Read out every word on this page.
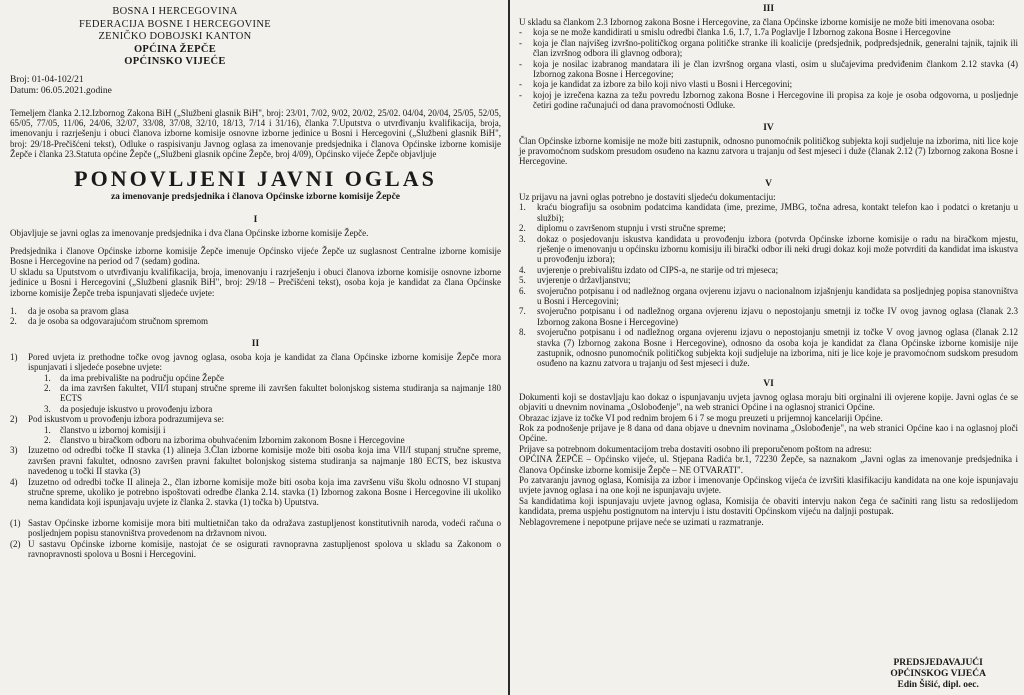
BOSNA I HERCEGOVINA

FEDERACIJA BOSNE I HERCEGOVINE

ZENIČKO DOBOJSKI KANTON

OPĆINA ŽEPČE

OPĆINSKO VIJEĆE

Broj: 01-04-102/21

Datum: 06.05.2021.godine

Temeljem članka 2.12.Izbornog Zakona BiH („Službeni glasnik BiH", broj: 23/01, 7/02, 9/02, 20/02, 25/02. 04/04, 20/04, 25/05, 52/05, 65/05, 77/05, 11/06, 24/06, 32/07, 33/08, 37/08, 32/10, 18/13, 7/14 i 31/16), članka 7.Uputstva o utvrđivanju kvalifikacija, broja, imenovanju i razrješenju i obuci članova izborne komisije osnovne izborne jedinice u Bosni i Hercegovini („Službeni glasnik BiH", broj: 29/18-Prečišćeni tekst), Odluke o raspisivanju Javnog oglasa za imenovanje predsjednika i članova Općinske izborne komisije Žepče i članka 23.Statuta općine Žepče („Službeni glasnik općine Žepče, broj 4/09), Općinsko vijeće Žepče objavljuje

PONOVLJENI JAVNI OGLAS
za imenovanje predsjednika i članova Općinske izborne komisije Žepče
I

Objavljuje se javni oglas za imenovanje predsjednika i dva člana Općinske izborne komisije Žepče.

Predsjednika i članove Općinske izborne komisije Žepče imenuje Općinsko vijeće Žepče uz suglasnost Centralne izborne komisije Bosne i Hercegovine na period od 7 (sedam) godina.

U skladu sa Uputstvom o utvrđivanju kvalifikacija, broja, imenovanju i razrješenju i obuci članova izborne komisije osnovne izborne jedinice u Bosni i Hercegovini („Službeni glasnik BiH", broj: 29/18 – Prečišćeni tekst), osoba koja je kandidat za člana Općinske izborne komisije Žepče treba ispunjavati sljedeće uvjete:

1. da je osoba sa pravom glasa
2. da je osoba sa odgovarajućom stručnom spremom
II
1) Pored uvjeta iz prethodne točke ovog javnog oglasa, osoba koja je kandidat za člana Općinske izborne komisije Žepče mora ispunjavati i sljedeće posebne uvjete:
1. da ima prebivalište na području općine Žepče
2. da ima završen fakultet, VII/I stupanj stručne spreme ili završen fakultet bolonjskog sistema studiranja sa najmanje 180 ECTS
3. da posjeduje iskustvo u provođenju izbora
2) Pod iskustvom u provođenju izbora podrazumijeva se:
1. članstvo u izbornoj komisiji i
2. članstvo u biračkom odboru na izborima obuhvaćenim Izbornim zakonom Bosne i Hercegovine
3) Izuzetno od odredbi točke II stavka (1) alineja 3.Član izborne komisije može biti osoba koja ima VII/I stupanj stručne spreme, završen pravni fakultet, odnosno završen pravni fakultet bolonjskog sistema studiranja sa najmanje 180 ECTS, bez iskustva navedenog u točki II stavka (3)
4) Izuzetno od odredbi točke II alineja 2., član izborne komisije može biti osoba koja ima završenu višu školu odnosno VI stupanj stručne spreme, ukoliko je potrebno ispoštovati odredbe članka 2.14. stavka (1) Izbornog zakona Bosne i Hercegovine ili ukoliko nema kandidata koji ispunjavaju uvjete iz članka 2. stavka (1) točka b) Uputstva.
(1) Sastav Općinske izborne komisije mora biti multietničan tako da odražava zastupljenost konstitutivnih naroda, vodeći računa o posljednjem popisu stanovništva provedenom na državnom nivou.
(2) U sastavu Općinske izborne komisije, nastojat će se osigurati ravnopravna zastupljenost spolova u skladu sa Zakonom o ravnopravnosti spolova u Bosni i Hercegovini.
III

U skladu sa člankom 2.3 Izbornog zakona Bosne i Hercegovine, za člana Općinske izborne komisije ne može biti imenovana osoba:

- koja se ne može kandidirati u smislu odredbi članka 1.6, 1.7, 1.7a Poglavlje I Izbornog zakona Bosne i Hercegovine
- koja je član najvišeg izvršno-političkog organa političke stranke ili koalicije (predsjednik, podpredsjednik, generalni tajnik, tajnik ili član izvršnog odbora ili glavnog odbora);
- koja je nosilac izabranog mandatara ili je član izvršnog organa vlasti, osim u slučajevima predviđenim člankom 2.12 stavka (4) Izbornog zakona Bosne i Hercegovine;
- koja je kandidat za izbore za bilo koji nivo vlasti u Bosni i Hercegovini;
- kojoj je izrečena kazna za težu povredu Izbornog zakona Bosne i Hercegovine ili propisa za koje je osoba odgovorna, u posljednje četiri godine računajući od dana pravomoćnosti Odluke.
IV

Član Općinske izborne komisije ne može biti zastupnik, odnosno punomoćnik političkog subjekta koji sudjeluje na izborima, niti lice koje je pravomoćnom sudskom presudom osuđeno na kaznu zatvora u trajanju od šest mjeseci i duže (članak 2.12 (7) Izbornog zakona Bosne i Hercegovine.

V

Uz prijavu na javni oglas potrebno je dostaviti sljedeću dokumentaciju:

1. kraću biografiju sa osobnim podatcima kandidata (ime, prezime, JMBG, točna adresa, kontakt telefon kao i podatci o kretanju u službi);
2. diplomu o završenom stupnju i vrsti stručne spreme;
3. dokaz o posjedovanju iskustva kandidata u provođenju izbora (potvrda Općinske izborne komisije o radu na biračkom mjestu, rješenje o imenovanju u općinsku izbornu komisiju ili birački odbor ili neki drugi dokaz koji može potvrditi da kandidat ima iskustva u provođenju izbora);
4. uvjerenje o prebivalištu izdato od CIPS-a, ne starije od tri mjeseca;
5. uvjerenje o državljanstvu;
6. svojeručno potpisanu i od nadležnog organa ovjerenu izjavu o nacionalnom izjašnjenju kandidata sa posljednjeg popisa stanovništva u Bosni i Hercegovini;
7. svojeručno potpisanu i od nadležnog organa ovjerenu izjavu o nepostojanju smetnji iz točke IV ovog javnog oglasa (članak 2.3 Izbornog zakona Bosne i Hercegovine)
8. svojeručno potpisanu i od nadležnog organa ovjerenu izjavu o nepostojanju smetnji iz točke V ovog javnog oglasa (članak 2.12 stavka (7) Izbornog zakona Bosne i Hercegovine), odnosno da osoba koja je kandidat za člana Općinske izborne komisije nije zastupnik, odnosno punomoćnik političkog subjekta koji sudjeluje na izborima, niti je lice koje je pravomoćnom sudskom presudom osuđeno na kaznu zatvora u trajanju od šest mjeseci i duže.
VI

Dokumenti koji se dostavljaju kao dokaz o ispunjavanju uvjeta javnog oglasa moraju biti orginalni ili ovjerene kopije. Javni oglas će se objaviti u dnevnim novinama „Oslobođenje", na web stranici Općine i na oglasnoj stranici Općine.

Obrazac izjave iz točke VI pod rednim brojem 6 i 7 se mogu preuzeti u prijemnoj kancelariji Općine.

Rok za podnošenje prijave je 8 dana od dana objave u dnevnim novinama „Oslobođenje", na web stranici Općine kao i na oglasnoj ploči Općine.

Prijave sa potrebnom dokumentacijom treba dostaviti osobno ili preporučenom poštom na adresu:

OPĆINA ŽEPČE – Općinsko vijeće, ul. Stjepana Radića br.1, 72230 Žepče, sa naznakom „Javni oglas za imenovanje predsjednika i članova Općinske izborne komisije Žepče – NE OTVARATI".

Po zatvaranju javnog oglasa, Komisija za izbor i imenovanje Općinskog vijeća će izvršiti klasifikaciju kandidata na one koje ispunjavaju uvjete javnog oglasa i na one koji ne ispunjavaju uvjete.

Sa kandidatima koji ispunjavaju uvjete javnog oglasa, Komisija će obaviti intervju nakon čega će sačiniti rang listu sa redoslijedom kandidata, prema uspjehu postignutom na intervju i istu dostaviti Općinskom vijeću na daljnji postupak.

Neblagovremene i nepotpune prijave neće se uzimati u razmatranje.

PREDSJEDAVAJUĆI

OPĆINSKOG VIJEĆA

Edin Šišić, dipl. oec.
